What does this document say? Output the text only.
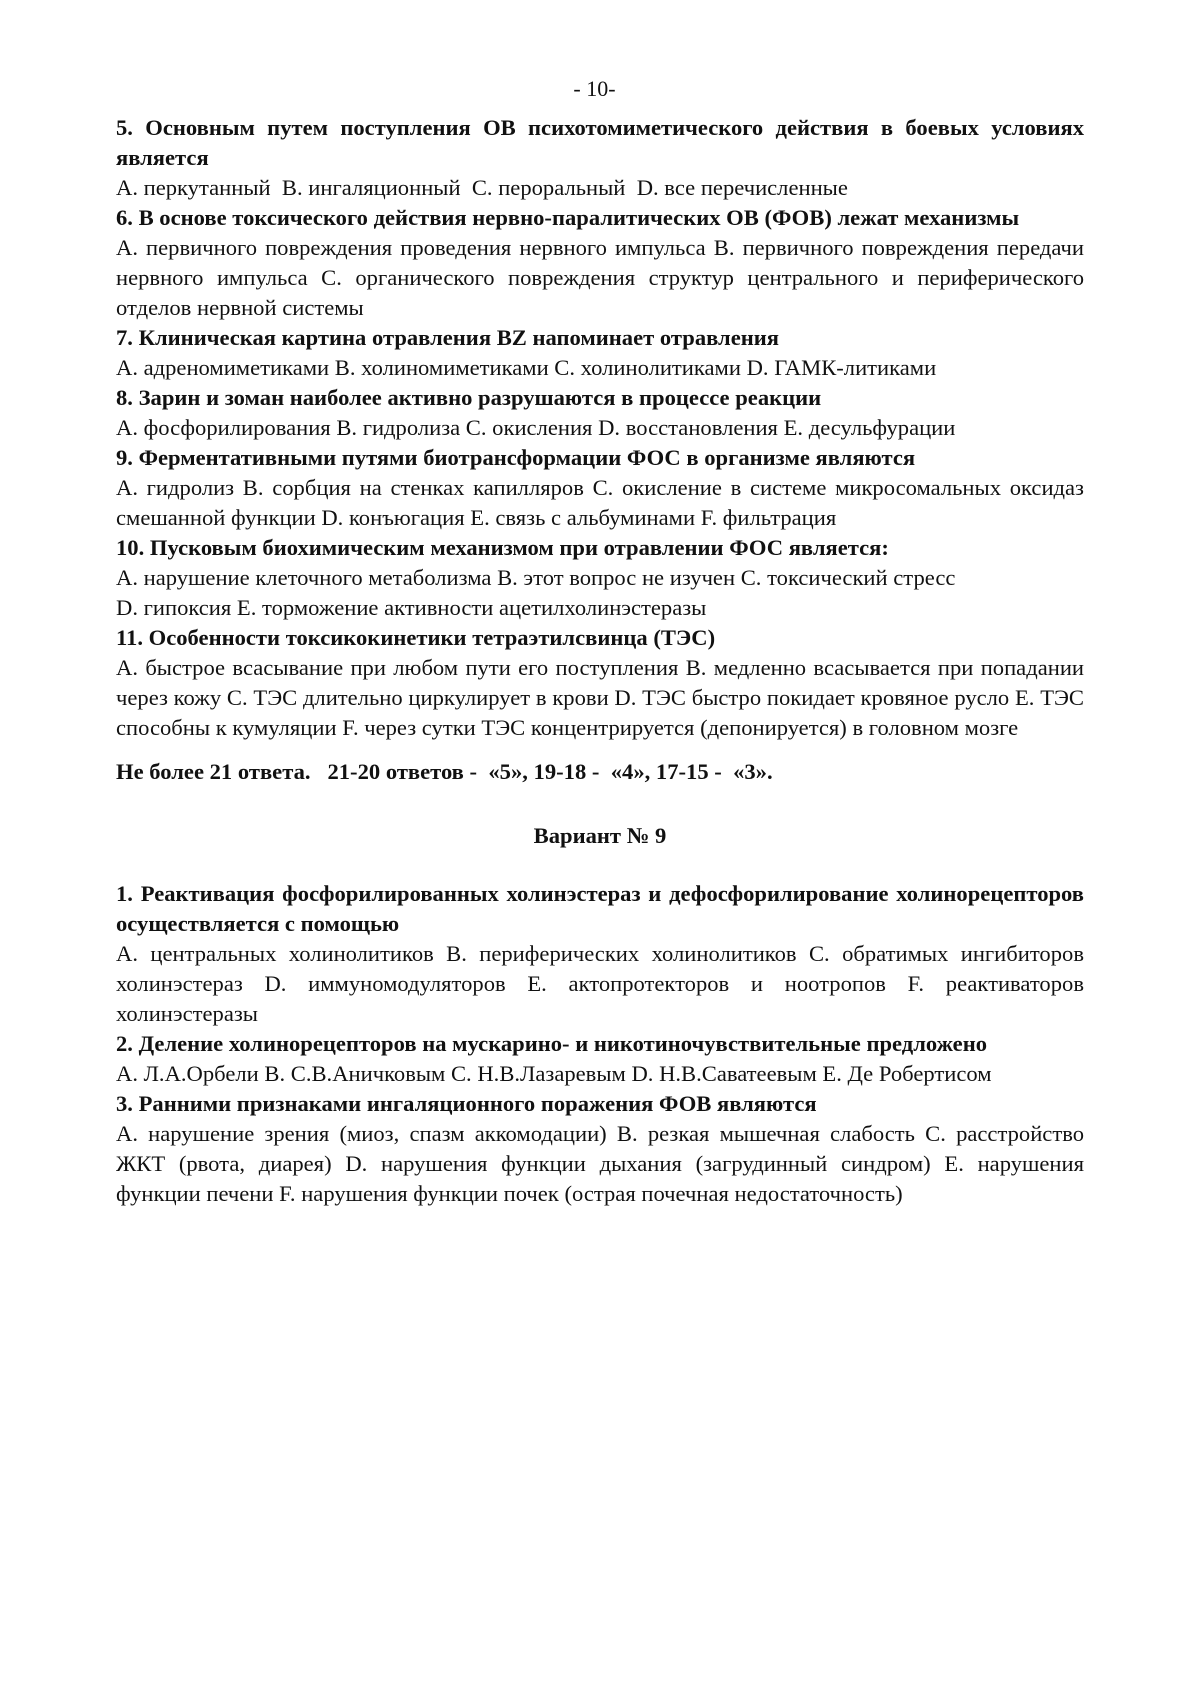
- 10-
5. Основным путем поступления ОВ психотомиметического действия в боевых условиях является
А. перкутанный  B. ингаляционный  C. пероральный  D. все перечисленные
6. В основе токсического действия нервно-паралитических ОВ (ФОВ) лежат механизмы
A. первичного повреждения проведения нервного импульса B. первичного повреждения передачи нервного импульса C. органического повреждения структур центрального и периферического отделов нервной системы
7. Клиническая картина отравления BZ напоминает отравления
A. адреномиметиками B. холиномиметиками C. холинолитиками D. ГАМК-литиками
8. Зарин и зоман наиболее активно разрушаются в процессе реакции
А. фосфорилирования B. гидролиза C. окисления D. восстановления E. десульфурации
9. Ферментативными путями биотрансформации ФОС в организме являются
А. гидролиз B. сорбция на стенках капилляров C. окисление в системе микросомальных оксидаз смешанной функции D. конъюгация E. связь с альбуминами F. фильтрация
10. Пусковым биохимическим механизмом при отравлении ФОС является:
A. нарушение клеточного метаболизма B. этот вопрос не изучен C. токсический стресс
D. гипоксия E. торможение активности ацетилхолинэстеразы
11. Особенности токсикокинетики тетраэтилсвинца (ТЭС)
A. быстрое всасывание при любом пути его поступления B. медленно всасывается при попадании через кожу C. ТЭС длительно циркулирует в крови D. ТЭС быстро покидает кровяное русло E. ТЭС способны к кумуляции F. через сутки ТЭС концентрируется (депонируется) в головном мозге
Не более 21 ответа.   21-20 ответов -  «5», 19-18 -  «4», 17-15 -  «3».
Вариант № 9
1. Реактивация фосфорилированных холинэстераз и дефосфорилирование холинорецепторов осуществляется с помощью
A. центральных холинолитиков B. периферических холинолитиков C. обратимых ингибиторов холинэстераз D. иммуномодуляторов E. актопротекторов и ноотропов F. реактиваторов холинэстеразы
2. Деление холинорецепторов на мускарино- и никотиночувствительные предложено
A. Л.А.Орбели B. С.В.Аничковым C. Н.В.Лазаревым D. Н.В.Саватеевым E. Де Робертисом
3. Ранними признаками ингаляционного поражения ФОВ являются
A. нарушение зрения (миоз, спазм аккомодации) B. резкая мышечная слабость C. расстройство ЖКТ (рвота, диарея) D. нарушения функции дыхания (загрудинный синдром) E. нарушения функции печени F. нарушения функции почек (острая почечная недостаточность)
